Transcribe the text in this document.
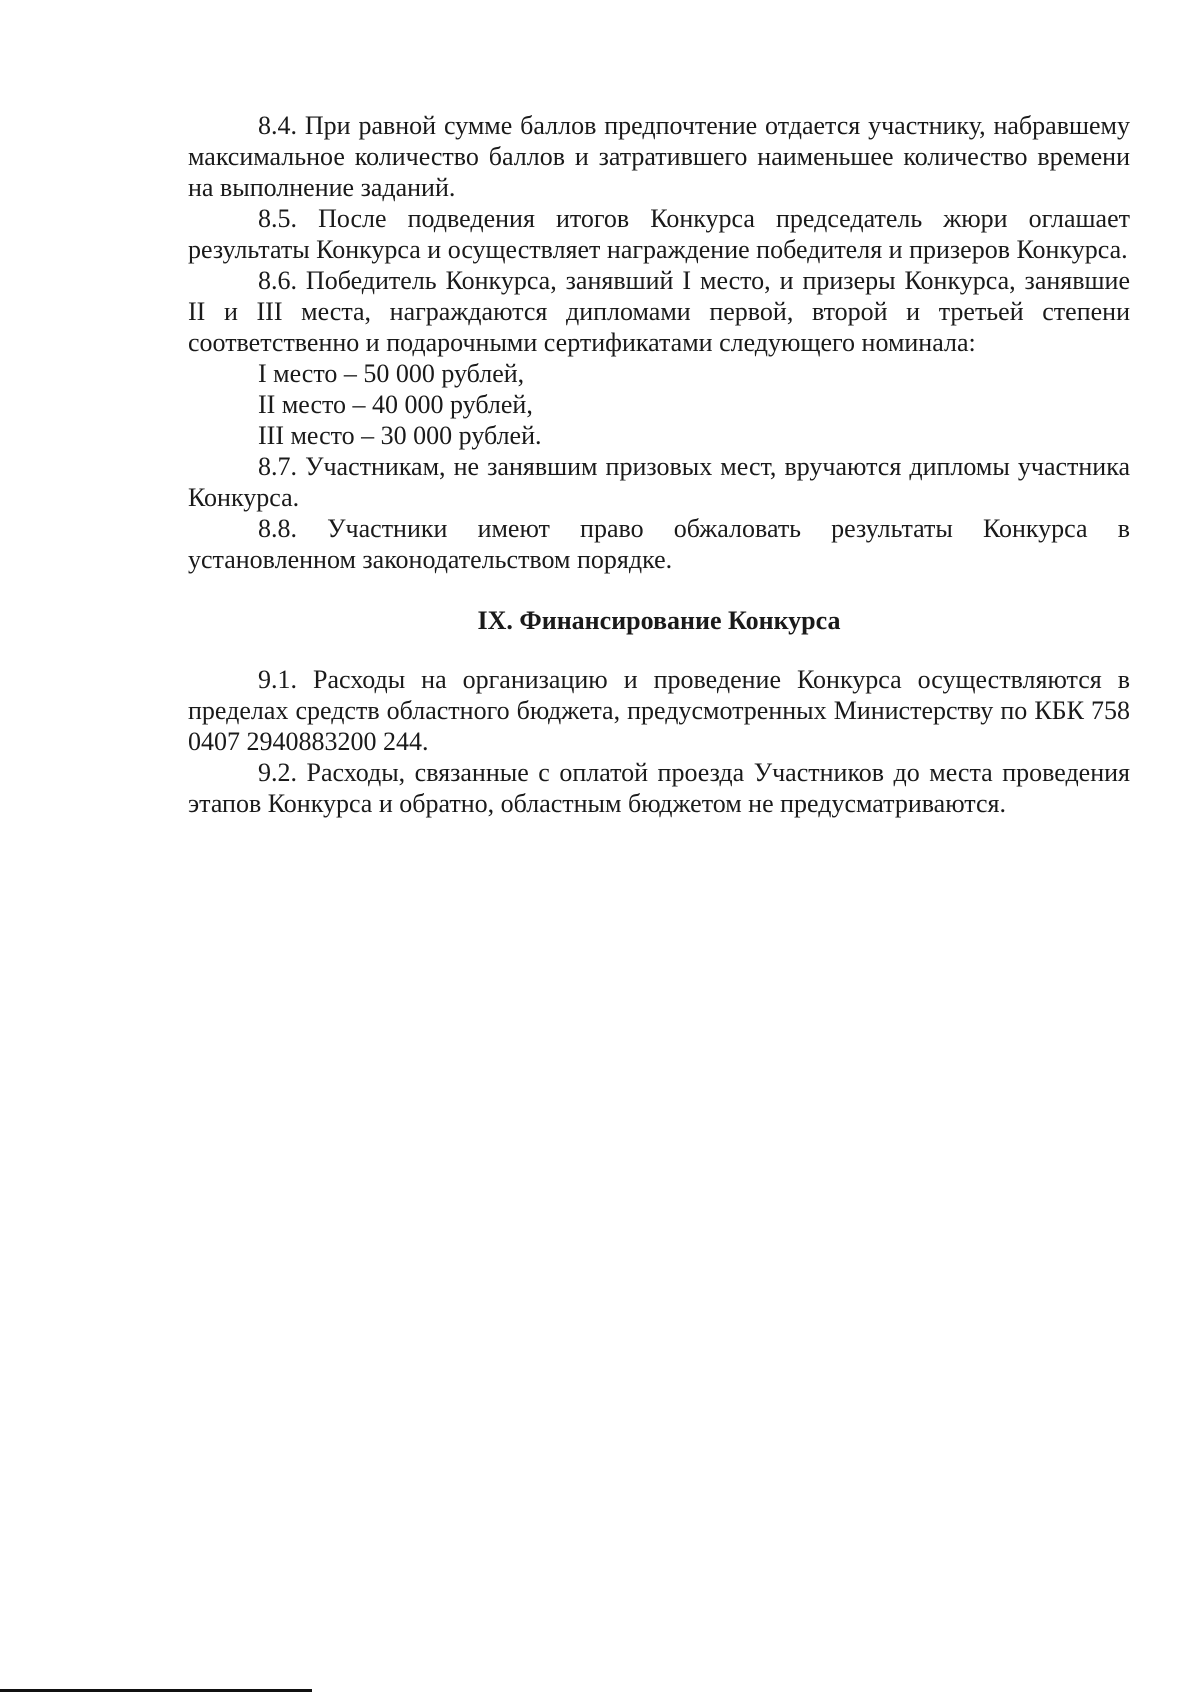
8.4. При равной сумме баллов предпочтение отдается участнику, набравшему максимальное количество баллов и затратившего наименьшее количество времени на выполнение заданий.

8.5. После подведения итогов Конкурса председатель жюри оглашает результаты Конкурса и осуществляет награждение победителя и призеров Конкурса.

8.6. Победитель Конкурса, занявший I место, и призеры Конкурса, занявшие II и III места, награждаются дипломами первой, второй и третьей степени соответственно и подарочными сертификатами следующего номинала:

I место – 50 000 рублей,

II место – 40 000 рублей,

III место – 30 000 рублей.

8.7. Участникам, не занявшим призовых мест, вручаются дипломы участника Конкурса.

8.8. Участники имеют право обжаловать результаты Конкурса в установленном законодательством порядке.

IX. Финансирование Конкурса

9.1. Расходы на организацию и проведение Конкурса осуществляются в пределах средств областного бюджета, предусмотренных Министерству по КБК 758 0407 2940883200 244.

9.2. Расходы, связанные с оплатой проезда Участников до места проведения этапов Конкурса и обратно, областным бюджетом не предусматриваются.
